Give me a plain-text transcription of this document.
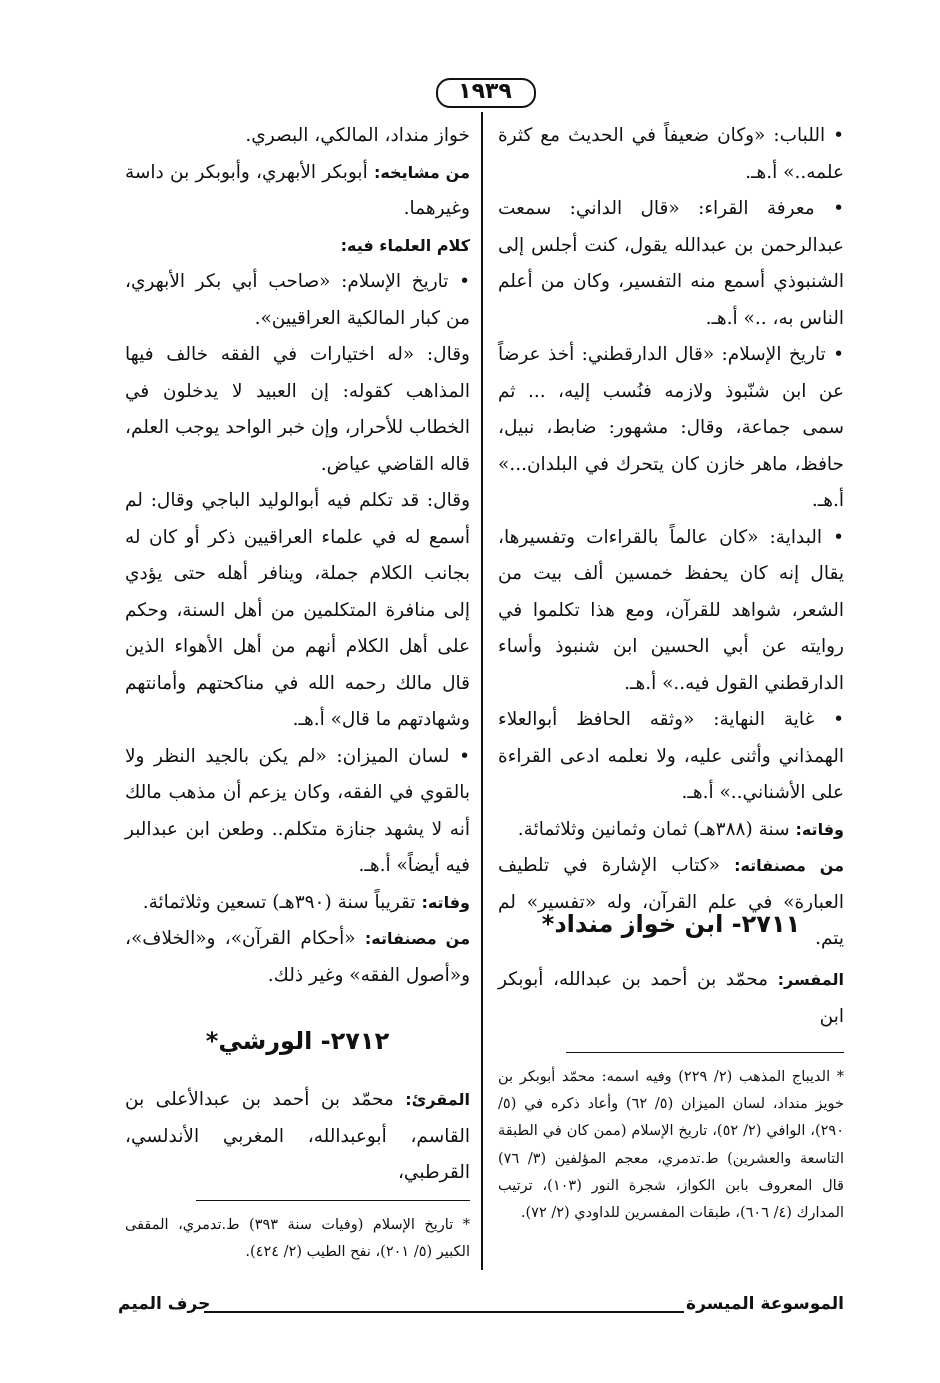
١٩٣٩

• اللباب: «وكان ضعيفاً في الحديث مع كثرة علمه..» أ.هـ.

• معرفة القراء: «قال الداني: سمعت عبدالرحمن بن عبدالله يقول، كنت أجلس إلى الشنبوذي أسمع منه التفسير، وكان من أعلم الناس به، ..» أ.هـ.

• تاريخ الإسلام: «قال الدارقطني: أخذ عرضاً عن ابن شنّبوذ ولازمه فنُسب إليه، ... ثم سمى جماعة، وقال: مشهور: ضابط، نبيل، حافظ، ماهر خازن كان يتحرك في البلدان...» أ.هـ.

• البداية: «كان عالماً بالقراءات وتفسيرها، يقال إنه كان يحفظ خمسين ألف بيت من الشعر، شواهد للقرآن، ومع هذا تكلموا في روايته عن أبي الحسين ابن شنبوذ وأساء الدارقطني القول فيه..» أ.هـ.

• غاية النهاية: «وثقه الحافظ أبوالعلاء الهمذاني وأثنى عليه، ولا نعلمه ادعى القراءة على الأشناني..» أ.هـ.

وفاته: سنة (٣٨٨هـ) ثمان وثمانين وثلاثمائة.

من مصنفاته: «كتاب الإشارة في تلطيف العبارة» في علم القرآن، وله «تفسير» لم يتم.

٢٧١١- ابن خواز منداد*

المفسر: محمّد بن أحمد بن عبدالله، أبوبكر ابن

* الديباج المذهب (٢/ ٢٢٩) وفيه اسمه: محمّد أبوبكر بن خويز منداد، لسان الميزان (٥/ ٦٢) وأعاد ذكره في (٥/ ٢٩٠)، الوافي (٢/ ٥٢)، تاريخ الإسلام (ممن كان في الطبقة التاسعة والعشرين) ط.تدمري، معجم المؤلفين (٣/ ٧٦) قال المعروف بابن الكواز، شجرة النور (١٠٣)، ترتيب المدارك (٤/ ٦٠٦)، طبقات المفسرين للداودي (٢/ ٧٢).

خواز منداد، المالكي، البصري.

من مشايخه: أبوبكر الأبهري، وأبوبكر بن داسة وغيرهما.

كلام العلماء فيه:

• تاريخ الإسلام: «صاحب أبي بكر الأبهري، من كبار المالكية العراقيين».

وقال: «له اختيارات في الفقه خالف فيها المذاهب كقوله: إن العبيد لا يدخلون في الخطاب للأحرار، وإن خبر الواحد يوجب العلم، قاله القاضي عياض.

وقال: قد تكلم فيه أبوالوليد الباجي وقال: لم أسمع له في علماء العراقيين ذكر أو كان له بجانب الكلام جملة، وينافر أهله حتى يؤدي إلى منافرة المتكلمين من أهل السنة، وحكم على أهل الكلام أنهم من أهل الأهواء الذين قال مالك رحمه الله في مناكحتهم وأمانتهم وشهادتهم ما قال» أ.هـ.

• لسان الميزان: «لم يكن بالجيد النظر ولا بالقوي في الفقه، وكان يزعم أن مذهب مالك أنه لا يشهد جنازة متكلم.. وطعن ابن عبدالبر فيه أيضاً» أ.هـ.

وفاته: تقريباً سنة (٣٩٠هـ) تسعين وثلاثمائة.

من مصنفاته: «أحكام القرآن»، و«الخلاف»، و«أصول الفقه» وغير ذلك.

٢٧١٢- الورشي*

المقرئ: محمّد بن أحمد بن عبدالأعلى بن القاسم، أبوعبدالله، المغربي الأندلسي، القرطبي،

* تاريخ الإسلام (وفيات سنة ٣٩٣) ط.تدمري، المقفى الكبير (٥/ ٢٠١)، نفح الطيب (٢/ ٤٢٤).
الموسوعة الميسرة
حرف الميم
